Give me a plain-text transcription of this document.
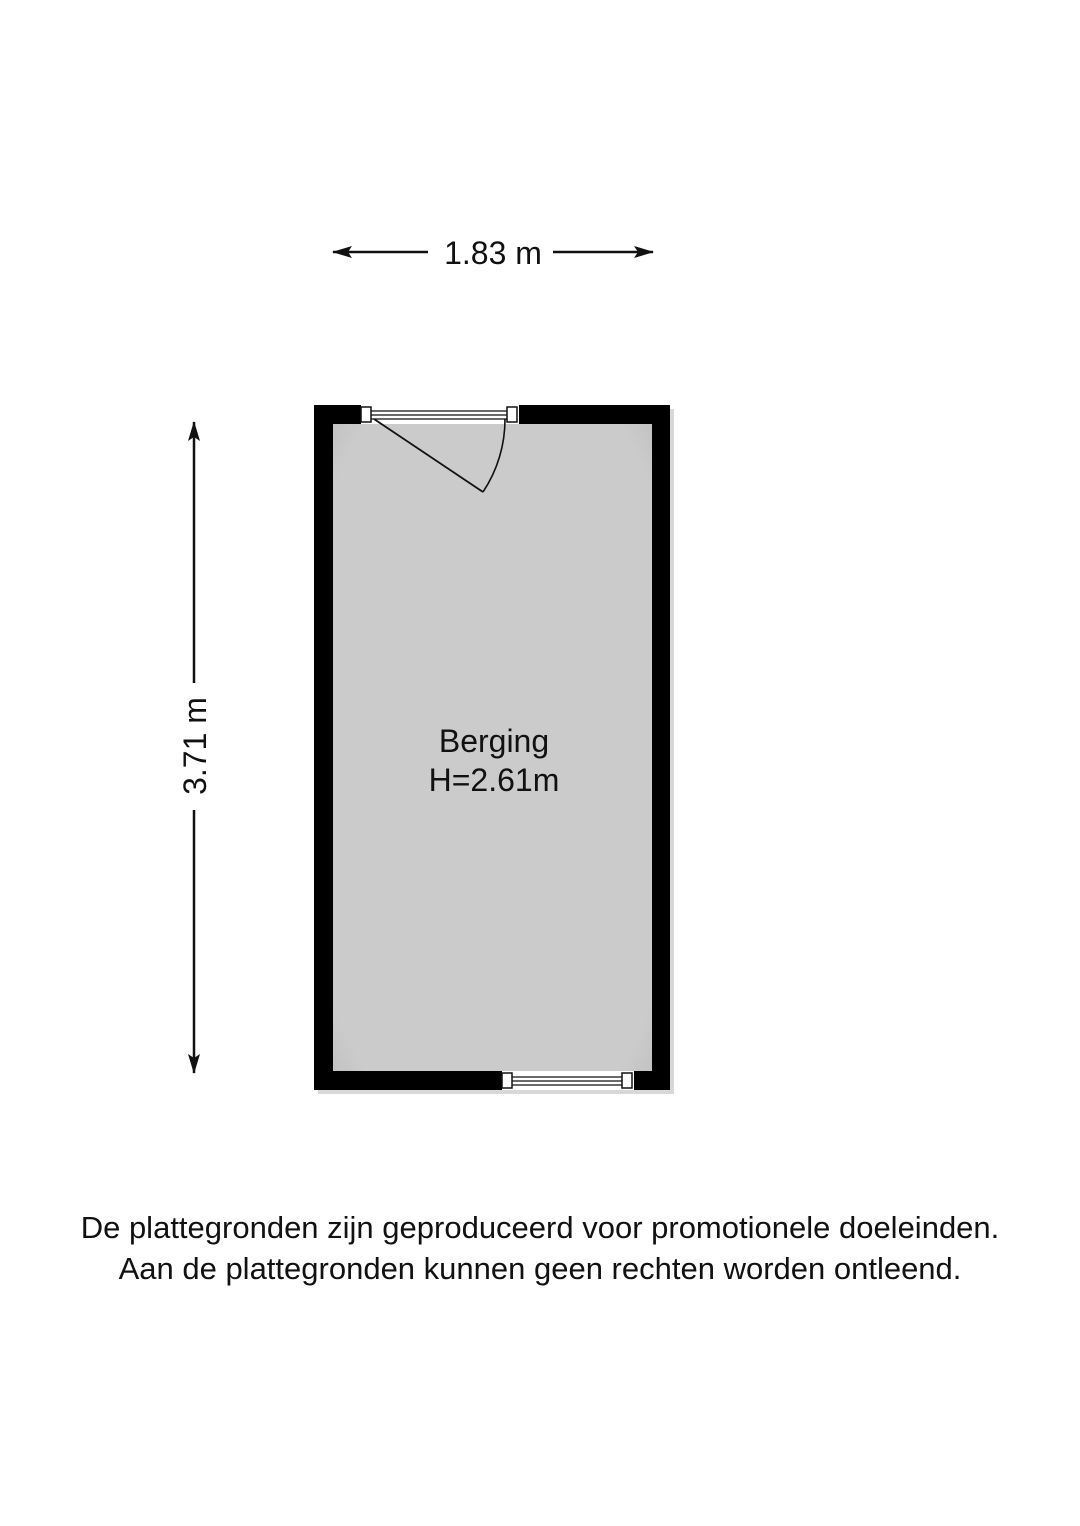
1.83 m
3.71 m	Berging
H=2.61m
De plattegronden zijn geproduceerd voor promotionele doeleinden.
Aan de plattegronden kunnen geen rechten worden ontleend.
